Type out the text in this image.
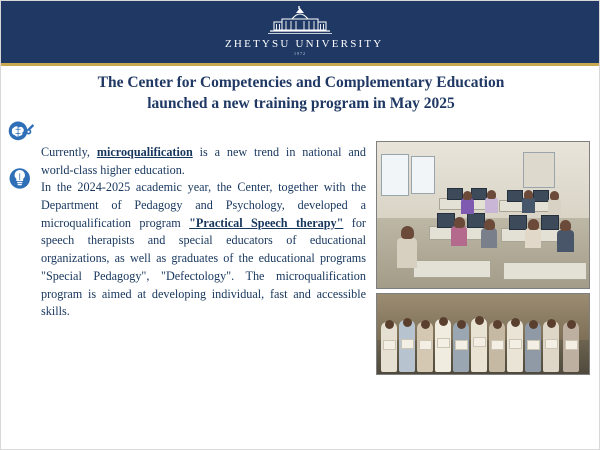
ZHETYSU UNIVERSITY
1972
The Center for Competencies and Complementary Education
launched a new training program in May 2025

Currently, microqualification is a new trend in national and world-class higher education.

In the 2024-2025 academic year, the Center, together with the Department of Pedagogy and Psychology, developed a microqualification program "Practical Speech therapy" for speech therapists and special educators of educational organizations, as well as graduates of the educational programs "Special Pedagogy", "Defectology". The microqualification program is aimed at developing individual, fast and accessible skills.
